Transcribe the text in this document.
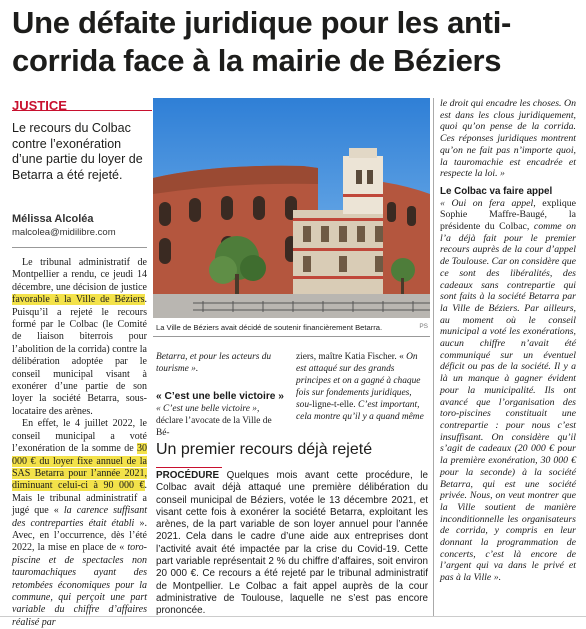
Une défaite juridique pour les anti-corrida face à la mairie de Béziers
JUSTICE
Le recours du Colbac contre l’exonération d’une partie du loyer de Betarra a été rejeté.
Mélissa Alcoléa
malcolea@midilibre.com

Le tribunal administratif de Montpellier a rendu, ce jeudi 14 décembre, une décision de justice favorable à la Ville de Béziers. Puisqu’il a rejeté le recours formé par le Colbac (le Comité de liaison biterrois pour l’abolition de la corrida) contre la délibération adoptée par le conseil municipal visant à exonérer d’une partie de son loyer la société Betarra, sous-locataire des arènes.

En effet, le 4 juillet 2022, le conseil municipal a voté l’exonération de la somme de 30 000 € du loyer fixe annuel de la SAS Betarra pour l’année 2021, diminuant celui-ci à 90 000 €. Mais le tribunal administratif a jugé que « la carence suffisant des contreparties était établi ». Avec, en l’occurrence, dès l’été 2022, la mise en place de « toro-piscine et de spectacles non tauromachiques ayant des retombées économiques pour la commune, qui perçoit une part variable du chiffre d’affaires réalisé par

La Ville de Béziers avait décidé de soutenir financièrement Betarra.	PS

Betarra, et pour les acteurs du tourisme ».

« C’est une belle victoire »

« C’est une belle victoire », déclare l’avocate de la Ville de Bé-

ziers, maître Katia Fischer. « On est attaqué sur des grands principes et on a gagné à chaque fois sur fondements juridiques, sou-ligne-t-elle. C’est important, cela montre qu’il y a quand même

Un premier recours déjà rejeté
PROCÉDURE Quelques mois avant cette procédure, le Colbac avait déjà attaqué une première délibération du conseil municipal de Béziers, votée le 13 décembre 2021, et visant cette fois à exonérer la société Betarra, exploitant les arènes, de la part variable de son loyer annuel pour l’année 2021. Cela dans le cadre d’une aide aux entreprises dont l’activité avait été impactée par la crise du Covid-19. Cette part variable représentait 2 % du chiffre d’affaires, soit environ 20 000 €. Ce recours a été rejeté par le tribunal administratif de Montpellier. Le Colbac a fait appel auprès de la cour administrative de Toulouse, laquelle ne s’est pas encore prononcée.

le droit qui encadre les choses. On est dans les clous juridiquement, quoi qu’on pense de la corrida. Ces réponses juridiques montrent qu’on ne fait pas n’importe quoi, la tauromachie est encadrée et respecte la loi. »

Le Colbac va faire appel

« Oui on fera appel, explique Sophie Maffre-Baugé, la présidente du Colbac, comme on l’a déjà fait pour le premier recours auprès de la cour d’appel de Toulouse. Car on considère que ce sont des libéralités, des cadeaux sans contrepartie qui sont faits à la société Betarra par la Ville de Béziers. Par ailleurs, au moment où le conseil municipal a voté les exonérations, aucun chiffre n’avait été communiqué sur un éventuel déficit ou pas de la société. Il y a là un manque à gagner évident pour la municipalité. Ils ont avancé que l’organisation des toro-piscines constituait une contrepartie : pour nous c’est insuffisant. On considère qu’il s’agit de cadeaux (20 000 € pour la première exonération, 30 000 € pour la seconde) à la société Betarra, qui est une société privée. Nous, on veut montrer que la Ville soutient de manière inconditionnelle les organisateurs de corrida, y compris en leur donnant la programmation de concerts, c’est là encore de l’argent qui va dans le privé et pas à la Ville ».
